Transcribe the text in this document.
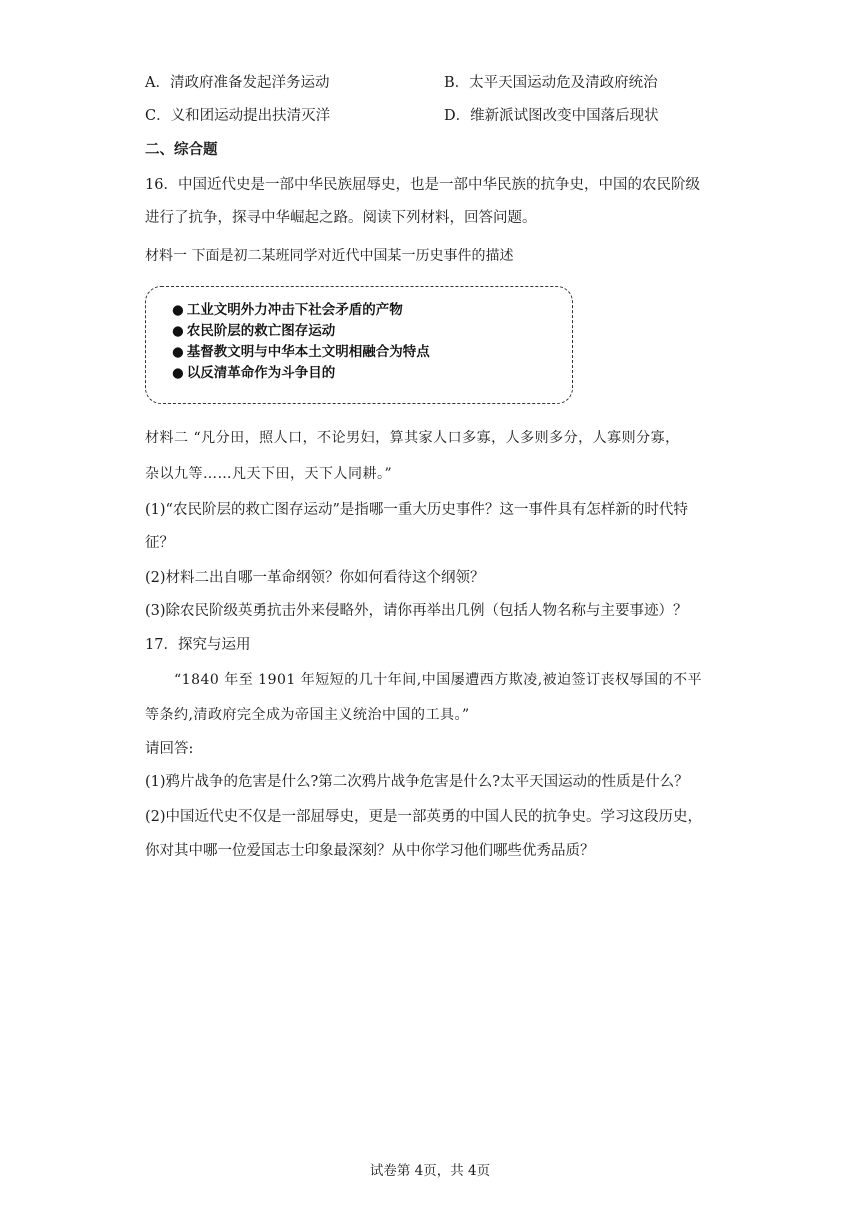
A．清政府准备发起洋务运动	B．太平天国运动危及清政府统治
C．义和团运动提出扶清灭洋	D．维新派试图改变中国落后现状
二、综合题
16．中国近代史是一部中华民族屈辱史，也是一部中华民族的抗争史，中国的农民阶级
进行了抗争，探寻中华崛起之路。阅读下列材料，回答问题。
材料一 下面是初二某班同学对近代中国某一历史事件的描述
● 工业文明外力冲击下社会矛盾的产物
● 农民阶层的救亡图存运动
● 基督教文明与中华本土文明相融合为特点
● 以反清革命作为斗争目的
材料二 “凡分田，照人口，不论男妇，算其家人口多寡，人多则多分，人寡则分寡，
杂以九等……凡天下田，天下人同耕。”
(1)“农民阶层的救亡图存运动”是指哪一重大历史事件？这一事件具有怎样新的时代特
征？
(2)材料二出自哪一革命纲领？你如何看待这个纲领？
(3)除农民阶级英勇抗击外来侵略外，请你再举出几例（包括人物名称与主要事迹）？
17．探究与运用
“1840 年至 1901 年短短的几十年间,中国屡遭西方欺凌,被迫签订丧权辱国的不平
等条约,清政府完全成为帝国主义统治中国的工具。”
请回答:
(1)鸦片战争的危害是什么?第二次鸦片战争危害是什么?太平天国运动的性质是什么？
(2)中国近代史不仅是一部屈辱史，更是一部英勇的中国人民的抗争史。学习这段历史，
你对其中哪一位爱国志士印象最深刻？从中你学习他们哪些优秀品质？
试卷第 4页，共 4页
